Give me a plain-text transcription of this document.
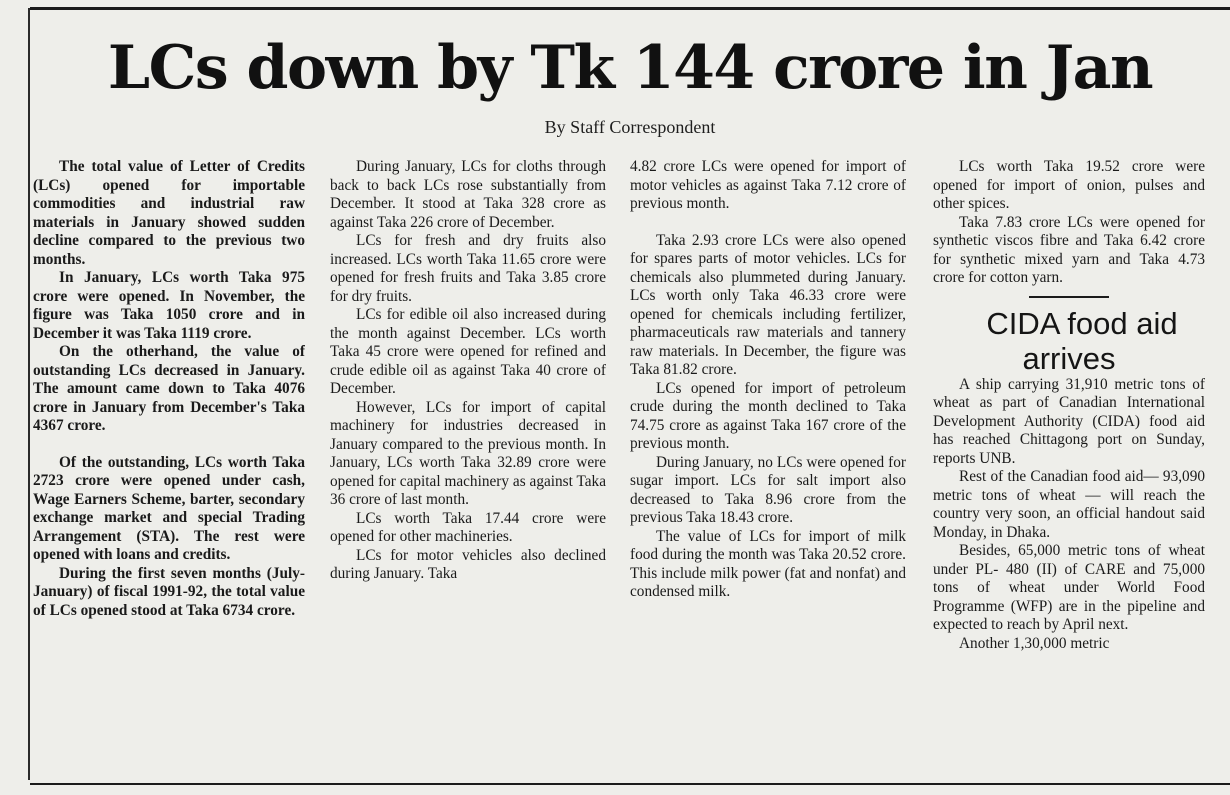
LCs down by Tk 144 crore in Jan
By Staff Correspondent

The total value of Letter of Credits (LCs) opened for importable commodities and industrial raw materials in January showed sudden decline compared to the previous two months.

In January, LCs worth Taka 975 crore were opened. In November, the figure was Taka 1050 crore and in December it was Taka 1119 crore.

On the otherhand, the value of outstanding LCs decreased in January. The amount came down to Taka 4076 crore in January from December's Taka 4367 crore.

Of the outstanding, LCs worth Taka 2723 crore were opened under cash, Wage Earners Scheme, barter, secondary exchange market and special Trading Arrangement (STA). The rest were opened with loans and credits.

During the first seven months (July-January) of fiscal 1991-92, the total value of LCs opened stood at Taka 6734 crore.

During January, LCs for cloths through back to back LCs rose substantially from December. It stood at Taka 328 crore as against Taka 226 crore of December.

LCs for fresh and dry fruits also increased. LCs worth Taka 11.65 crore were opened for fresh fruits and Taka 3.85 crore for dry fruits.

LCs for edible oil also increased during the month against December. LCs worth Taka 45 crore were opened for refined and crude edible oil as against Taka 40 crore of December.

However, LCs for import of capital machinery for industries decreased in January compared to the previous month. In January, LCs worth Taka 32.89 crore were opened for capital machinery as against Taka 36 crore of last month.

LCs worth Taka 17.44 crore were opened for other machineries.

LCs for motor vehicles also declined during January. Taka

4.82 crore LCs were opened for import of motor vehicles as against Taka 7.12 crore of previous month.

Taka 2.93 crore LCs were also opened for spares parts of motor vehicles. LCs for chemicals also plummeted during January. LCs worth only Taka 46.33 crore were opened for chemicals including fertilizer, pharmaceuticals raw materials and tannery raw materials. In December, the figure was Taka 81.82 crore.

LCs opened for import of petroleum crude during the month declined to Taka 74.75 crore as against Taka 167 crore of the previous month.

During January, no LCs were opened for sugar import. LCs for salt import also decreased to Taka 8.96 crore from the previous Taka 18.43 crore.

The value of LCs for import of milk food during the month was Taka 20.52 crore. This include milk power (fat and nonfat) and condensed milk.

LCs worth Taka 19.52 crore were opened for import of onion, pulses and other spices.

Taka 7.83 crore LCs were opened for synthetic viscos fibre and Taka 6.42 crore for synthetic mixed yarn and Taka 4.73 crore for cotton yarn.

CIDA food aid arrives

A ship carrying 31,910 metric tons of wheat as part of Canadian International Development Authority (CIDA) food aid has reached Chittagong port on Sunday, reports UNB.

Rest of the Canadian food aid— 93,090 metric tons of wheat — will reach the country very soon, an official handout said Monday, in Dhaka.

Besides, 65,000 metric tons of wheat under PL- 480 (II) of CARE and 75,000 tons of wheat under World Food Programme (WFP) are in the pipeline and expected to reach by April next.

Another 1,30,000 metric
